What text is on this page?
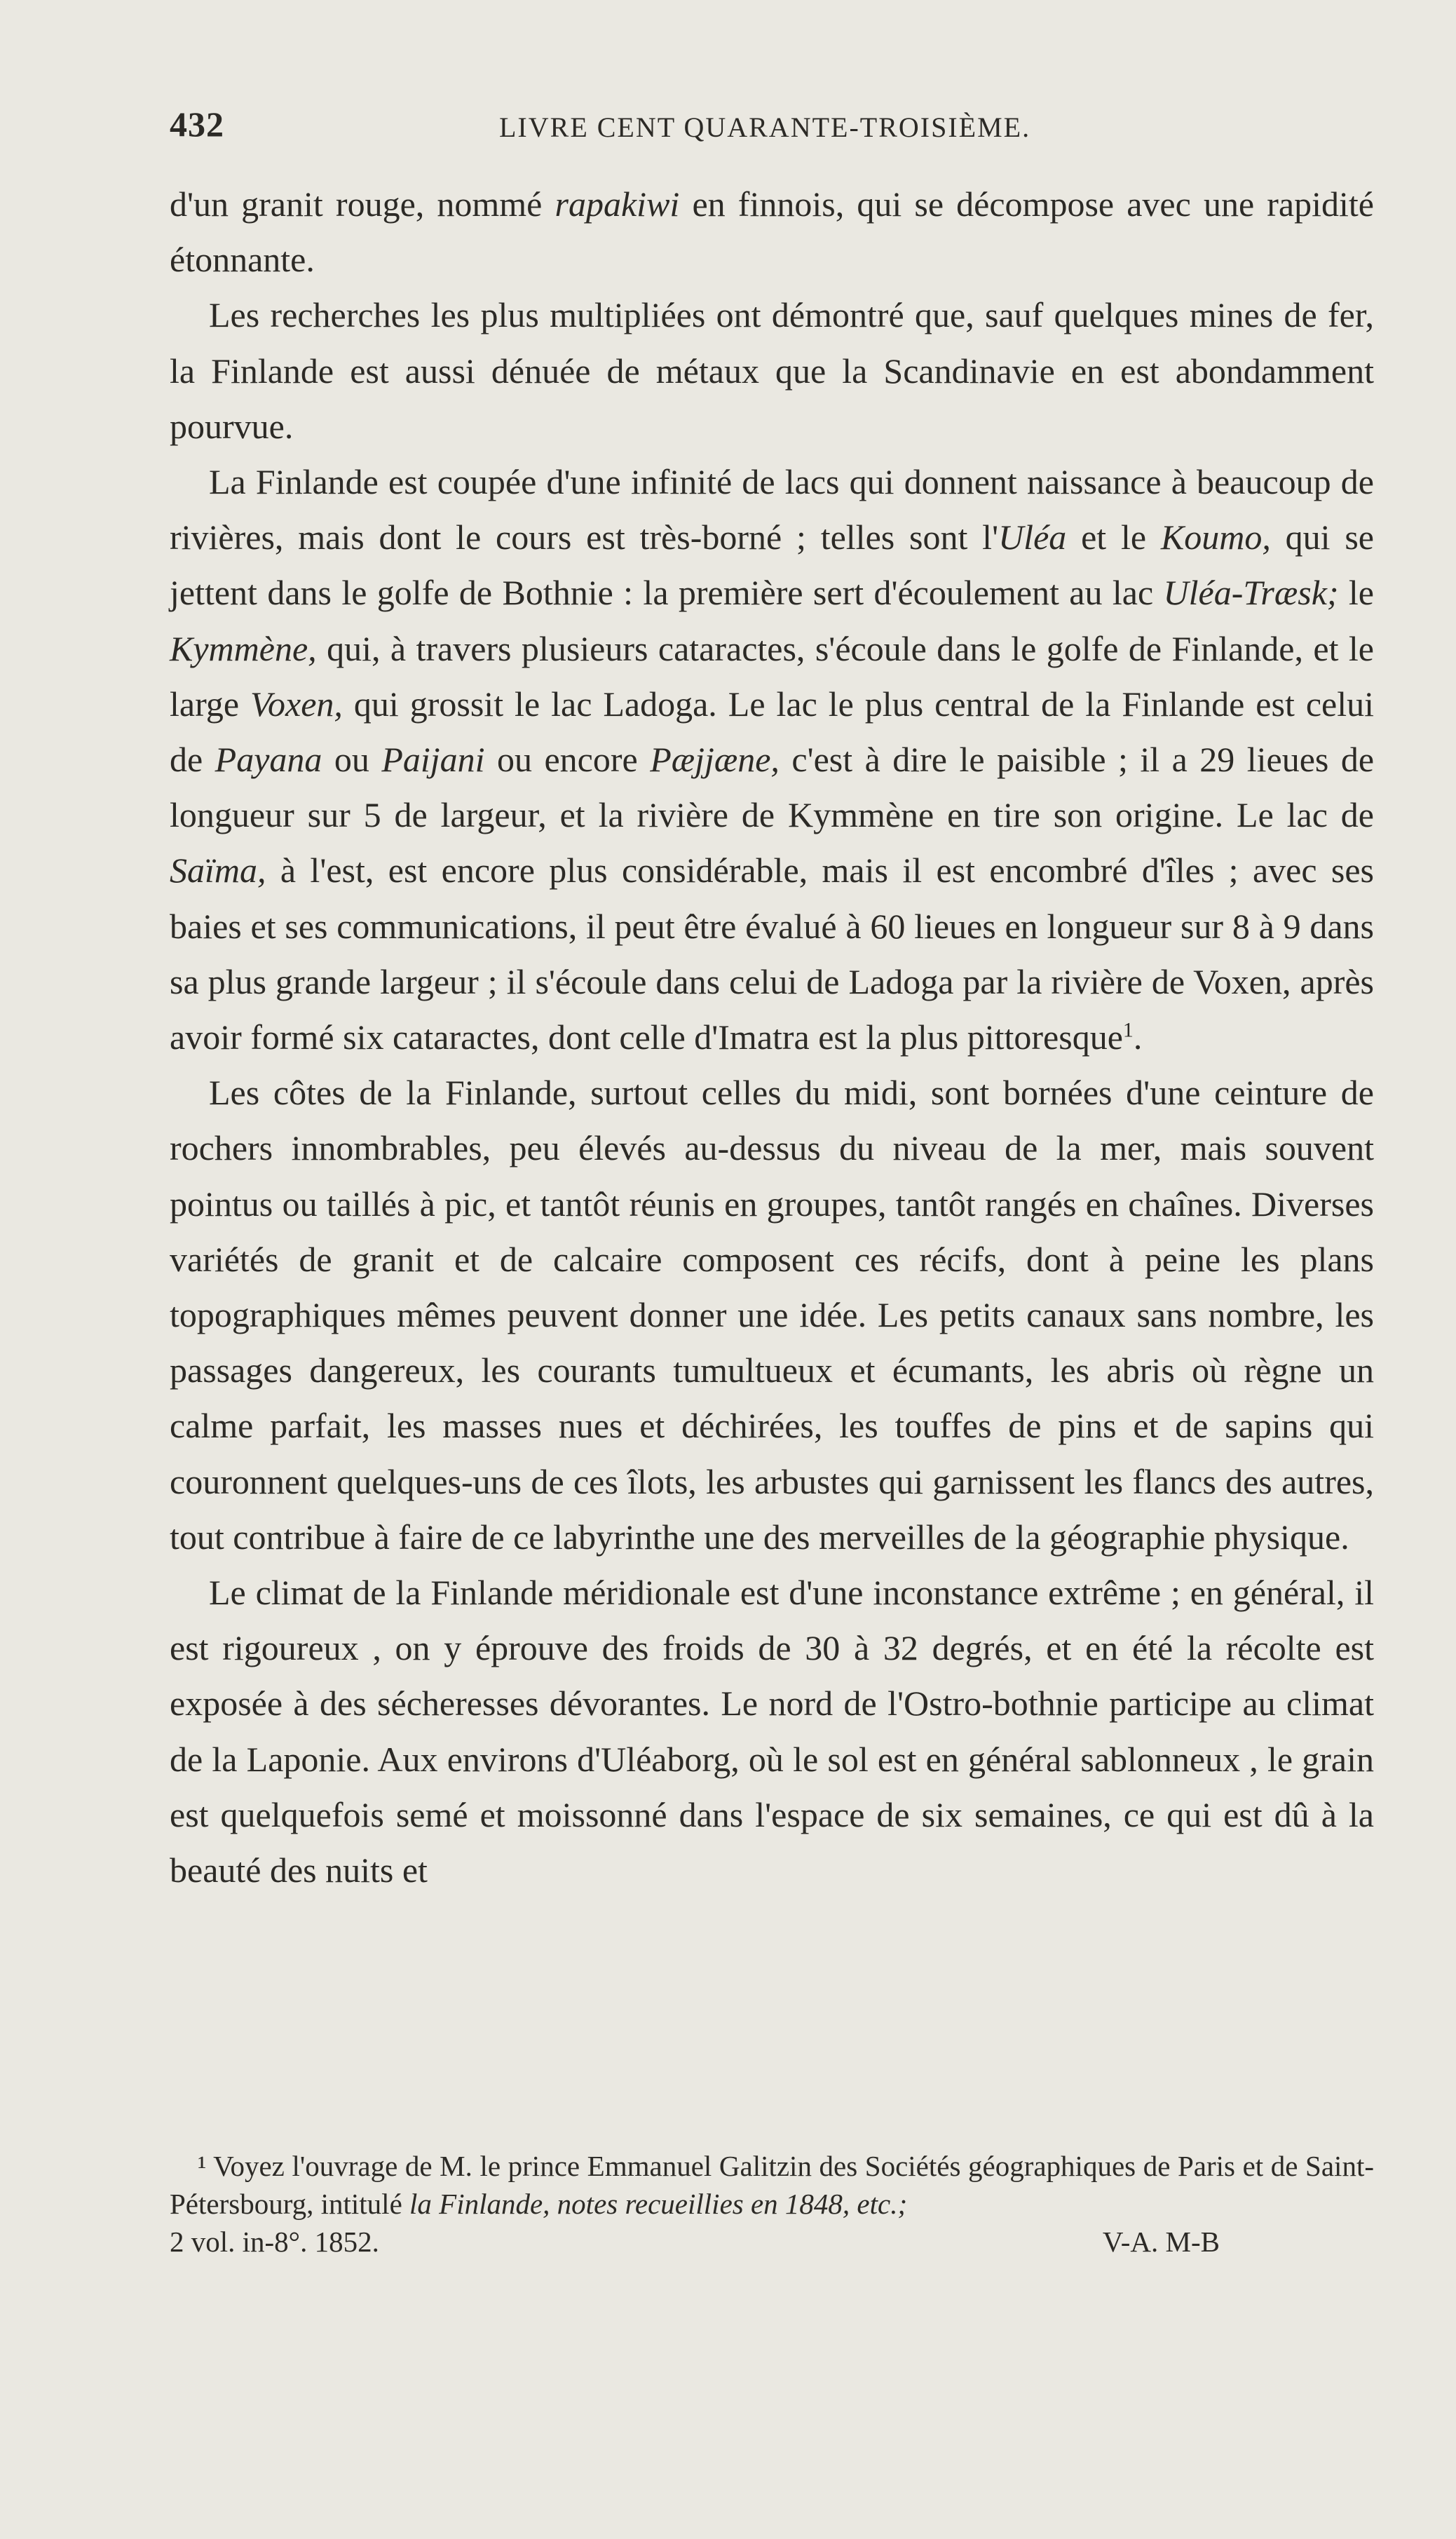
432	LIVRE CENT QUARANTE-TROISIÈME.

d'un granit rouge, nommé rapakiwi en finnois, qui se décompose avec une rapidité étonnante.

Les recherches les plus multipliées ont démontré que, sauf quelques mines de fer, la Finlande est aussi dénuée de métaux que la Scandinavie en est abondamment pourvue.

La Finlande est coupée d'une infinité de lacs qui donnent naissance à beaucoup de rivières, mais dont le cours est très-borné ; telles sont l'Uléa et le Koumo, qui se jettent dans le golfe de Bothnie : la première sert d'écoulement au lac Uléa-Træsk; le Kymmène, qui, à travers plusieurs cataractes, s'écoule dans le golfe de Finlande, et le large Voxen, qui grossit le lac Ladoga. Le lac le plus central de la Finlande est celui de Payana ou Paijani ou encore Pæjjæne, c'est à dire le paisible ; il a 29 lieues de longueur sur 5 de largeur, et la rivière de Kymmène en tire son origine. Le lac de Saïma, à l'est, est encore plus considérable, mais il est encombré d'îles ; avec ses baies et ses communications, il peut être évalué à 60 lieues en longueur sur 8 à 9 dans sa plus grande largeur ; il s'écoule dans celui de Ladoga par la rivière de Voxen, après avoir formé six cataractes, dont celle d'Imatra est la plus pittoresque$^1$.

Les côtes de la Finlande, surtout celles du midi, sont bornées d'une ceinture de rochers innombrables, peu élevés au-dessus du niveau de la mer, mais souvent pointus ou taillés à pic, et tantôt réunis en groupes, tantôt rangés en chaînes. Diverses variétés de granit et de calcaire composent ces récifs, dont à peine les plans topographiques mêmes peuvent donner une idée. Les petits canaux sans nombre, les passages dangereux, les courants tumultueux et écumants, les abris où règne un calme parfait, les masses nues et déchirées, les touffes de pins et de sapins qui couronnent quelques-uns de ces îlots, les arbustes qui garnissent les flancs des autres, tout contribue à faire de ce labyrinthe une des merveilles de la géographie physique.

Le climat de la Finlande méridionale est d'une inconstance extrême ; en général, il est rigoureux , on y éprouve des froids de 30 à 32 degrés, et en été la récolte est exposée à des sécheresses dévorantes. Le nord de l'Ostro-bothnie participe au climat de la Laponie. Aux environs d'Uléaborg, où le sol est en général sablonneux , le grain est quelquefois semé et moissonné dans l'espace de six semaines, ce qui est dû à la beauté des nuits et

¹ Voyez l'ouvrage de M. le prince Emmanuel Galitzin des Sociétés géographiques de Paris et de Saint-Pétersbourg, intitulé la Finlande, notes recueillies en 1848, etc.;
2 vol. in-8°. 1852.	V-A. M-B
